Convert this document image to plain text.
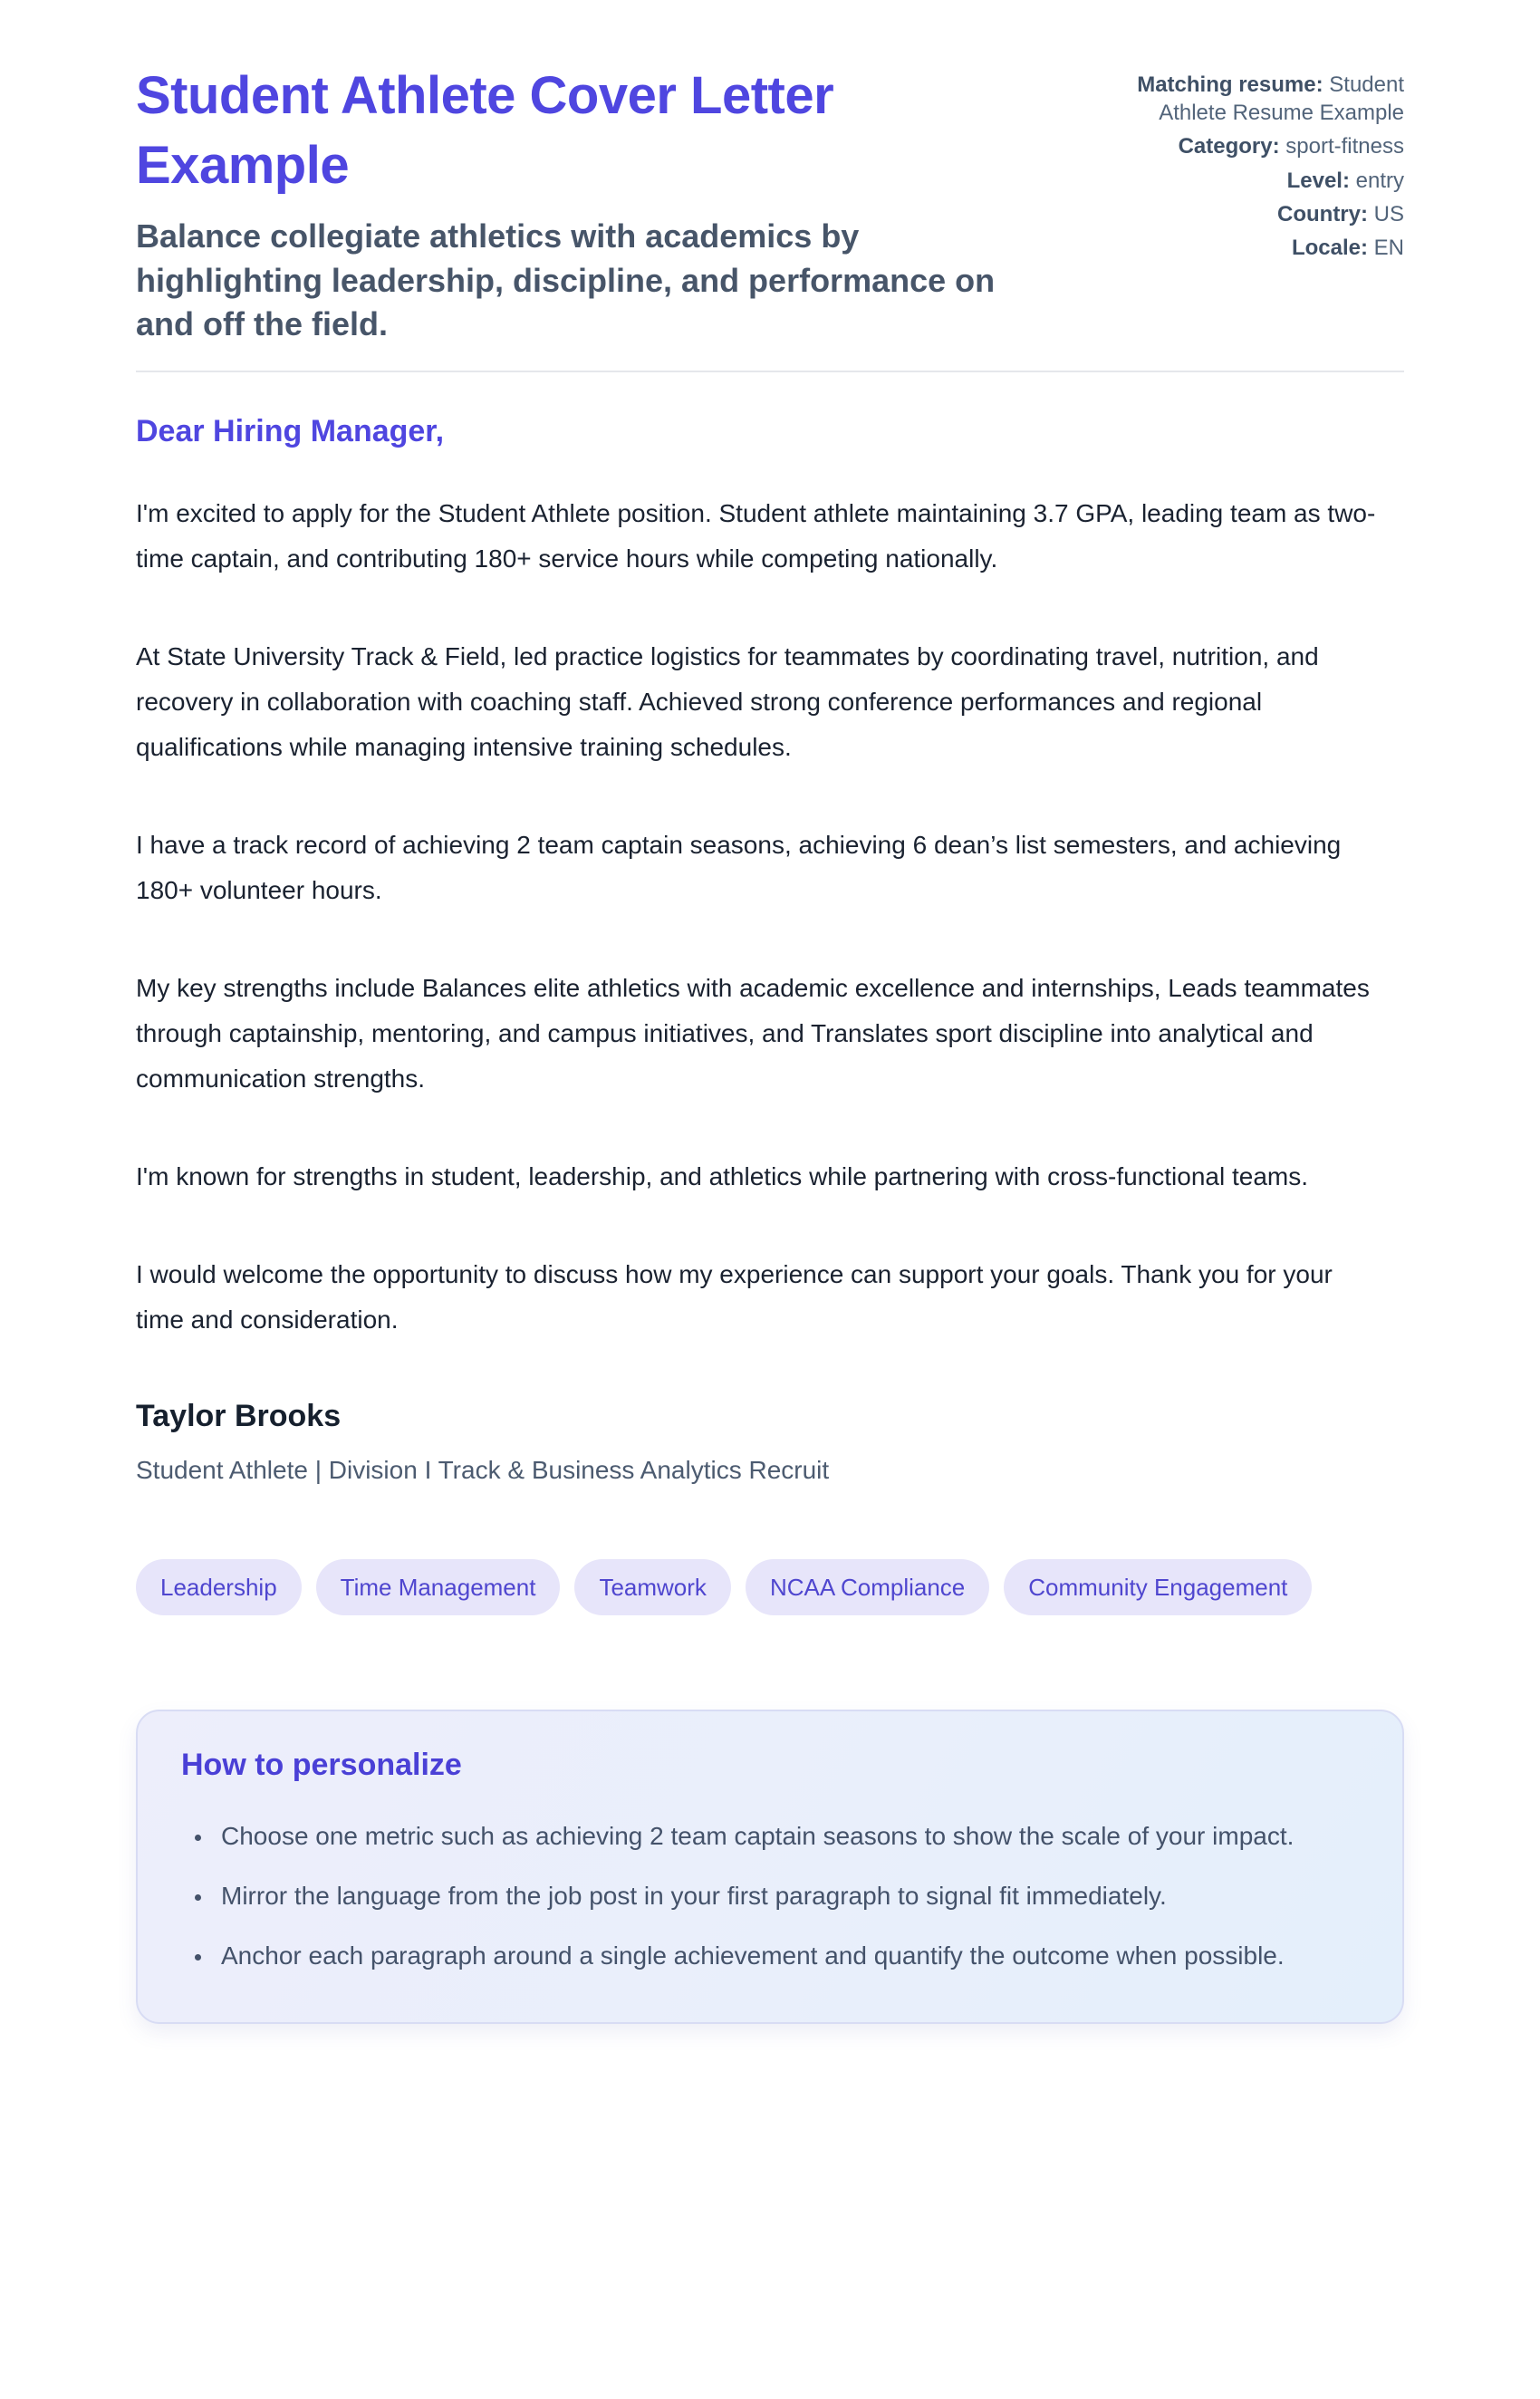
Student Athlete Cover Letter Example
Balance collegiate athletics with academics by highlighting leadership, discipline, and performance on and off the field.
Matching resume: Student Athlete Resume Example
Category: sport-fitness
Level: entry
Country: US
Locale: EN
Dear Hiring Manager,

I'm excited to apply for the Student Athlete position. Student athlete maintaining 3.7 GPA, leading team as two-time captain, and contributing 180+ service hours while competing nationally.

At State University Track & Field, led practice logistics for teammates by coordinating travel, nutrition, and recovery in collaboration with coaching staff. Achieved strong conference performances and regional qualifications while managing intensive training schedules.

I have a track record of achieving 2 team captain seasons, achieving 6 dean’s list semesters, and achieving 180+ volunteer hours.

My key strengths include Balances elite athletics with academic excellence and internships, Leads teammates through captainship, mentoring, and campus initiatives, and Translates sport discipline into analytical and communication strengths.

I'm known for strengths in student, leadership, and athletics while partnering with cross-functional teams.

I would welcome the opportunity to discuss how my experience can support your goals. Thank you for your time and consideration.

Taylor Brooks
Student Athlete | Division I Track & Business Analytics Recruit
Leadership	Time Management	Teamwork	NCAA Compliance	Community Engagement
How to personalize
• Choose one metric such as achieving 2 team captain seasons to show the scale of your impact.
• Mirror the language from the job post in your first paragraph to signal fit immediately.
• Anchor each paragraph around a single achievement and quantify the outcome when possible.
